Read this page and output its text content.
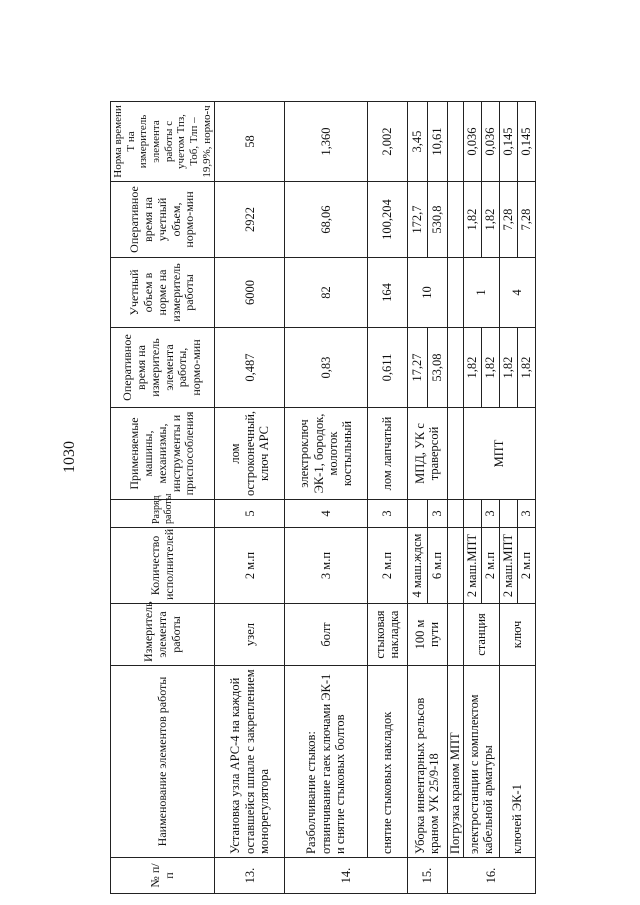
1030
№ п/п	Наименование элементов работы	Измеритель элемента работы	Количество исполнителей	Разряд работы	Применяемые машины, механизмы, инструменты и приспособления	Оперативное время на измеритель элемента работы, нормо-мин	Учетный объем в норме на измеритель работы	Оперативное время на учетный объем, нормо-мин	Норма времени Т на измеритель элемента работы с учетом Тпз, Тоб, Тлп – 19,9%, нормо-ч
13.	Установка узла АРС-4 на каждой оставшейся шпале с закреплением монорегулятора	узел	2 м.п	5	лом остроконечный, ключ АРС	0,487	6000	2922	58
14.	Разболчивание стыков: отвинчивание гаек ключами ЭК-1 и снятие стыковых болтов	болт	3 м.п	4	электроключ ЭК-1, бородок, молоток костыльный	0,83	82	68,06	1,360
	снятие стыковых накладок	стыковая накладка	2 м.п	3	лом лапчатый	0,611	164	100,204	2,002
15.	Уборка инвентарных рельсов краном УК 25/9-18	100 м пути	4 маш.ждсм		МПД, УК с траверсой	17,27	10	172,7	3,45
			6 м.п	3		53,08		530,8	10,61
16.	Погрузка краном МПТ								
	электростанции с комплектом кабельной арматуры	станция	2 маш.МПТ		МПТ	1,82	1	1,82	0,036
			2 м.п	3		1,82		1,82	0,036
	ключей ЭК-1	ключ	2 маш.МПТ			1,82	4	7,28	0,145
			2 м.п	3		1,82		7,28	0,145
